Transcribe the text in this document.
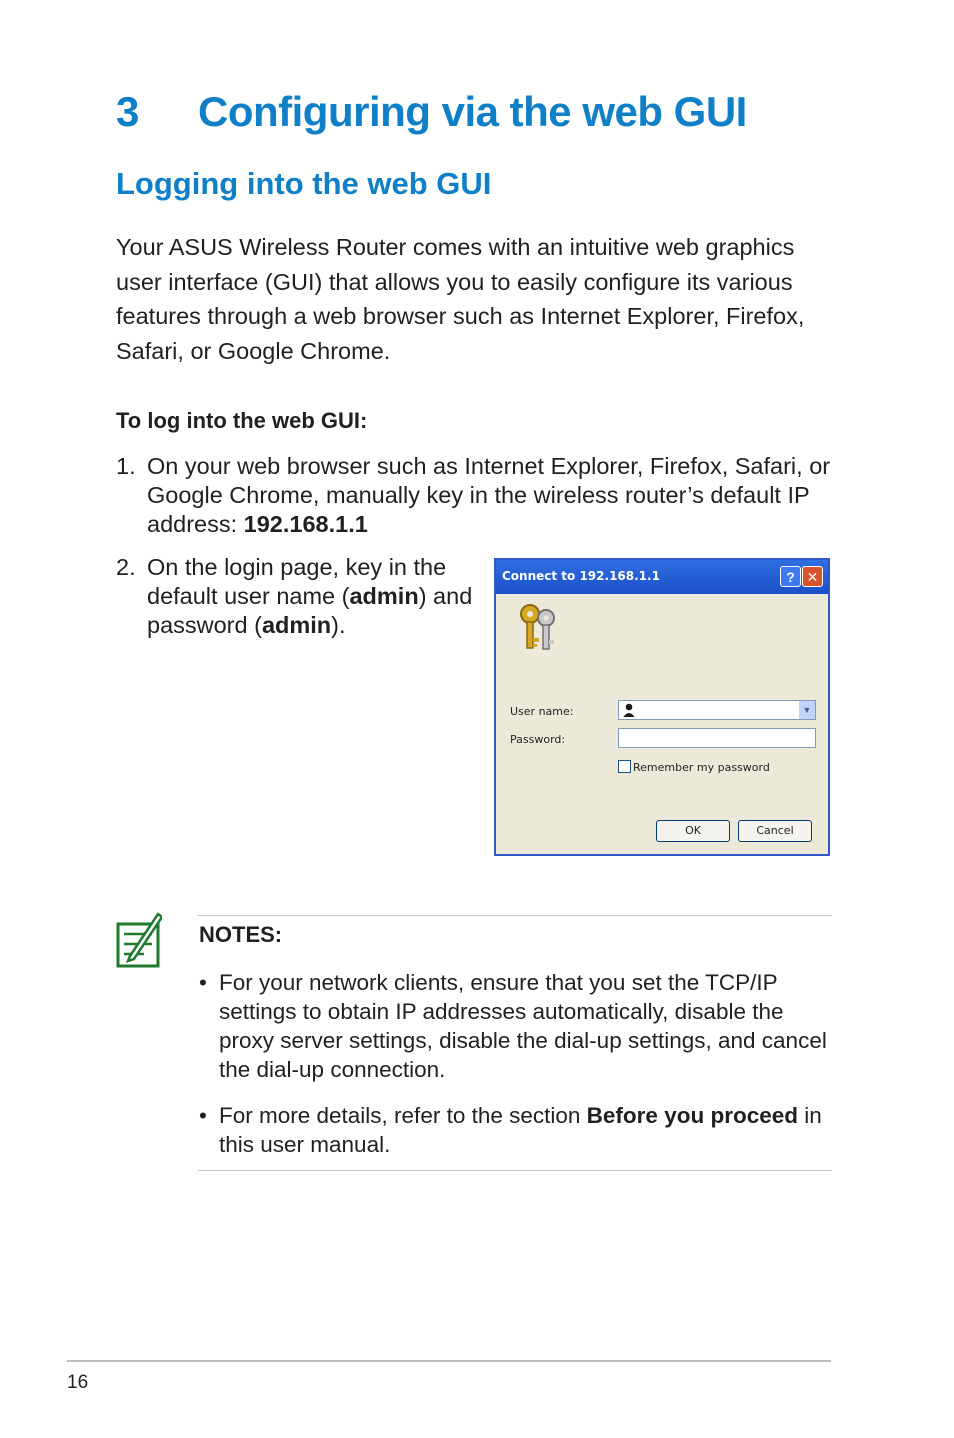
3 Configuring via the web GUI
Logging into the web GUI
Your ASUS Wireless Router comes with an intuitive web graphics user interface (GUI) that allows you to easily configure its various features through a web browser such as Internet Explorer, Firefox, Safari, or Google Chrome.
To log into the web GUI:
1. On your web browser such as Internet Explorer, Firefox, Safari, or Google Chrome, manually key in the wireless router’s default IP address: 192.168.1.1
2. On the login page, key in the default user name (admin) and password (admin).
Connect to 192.168.1.1	? ✕
User name:	▼
Password:
Remember my password
OK	Cancel
NOTES:
• For your network clients, ensure that you set the TCP/IP settings to obtain IP addresses automatically, disable the proxy server settings, disable the dial-up settings, and cancel the dial-up connection.
• For more details, refer to the section Before you proceed in this user manual.
16
